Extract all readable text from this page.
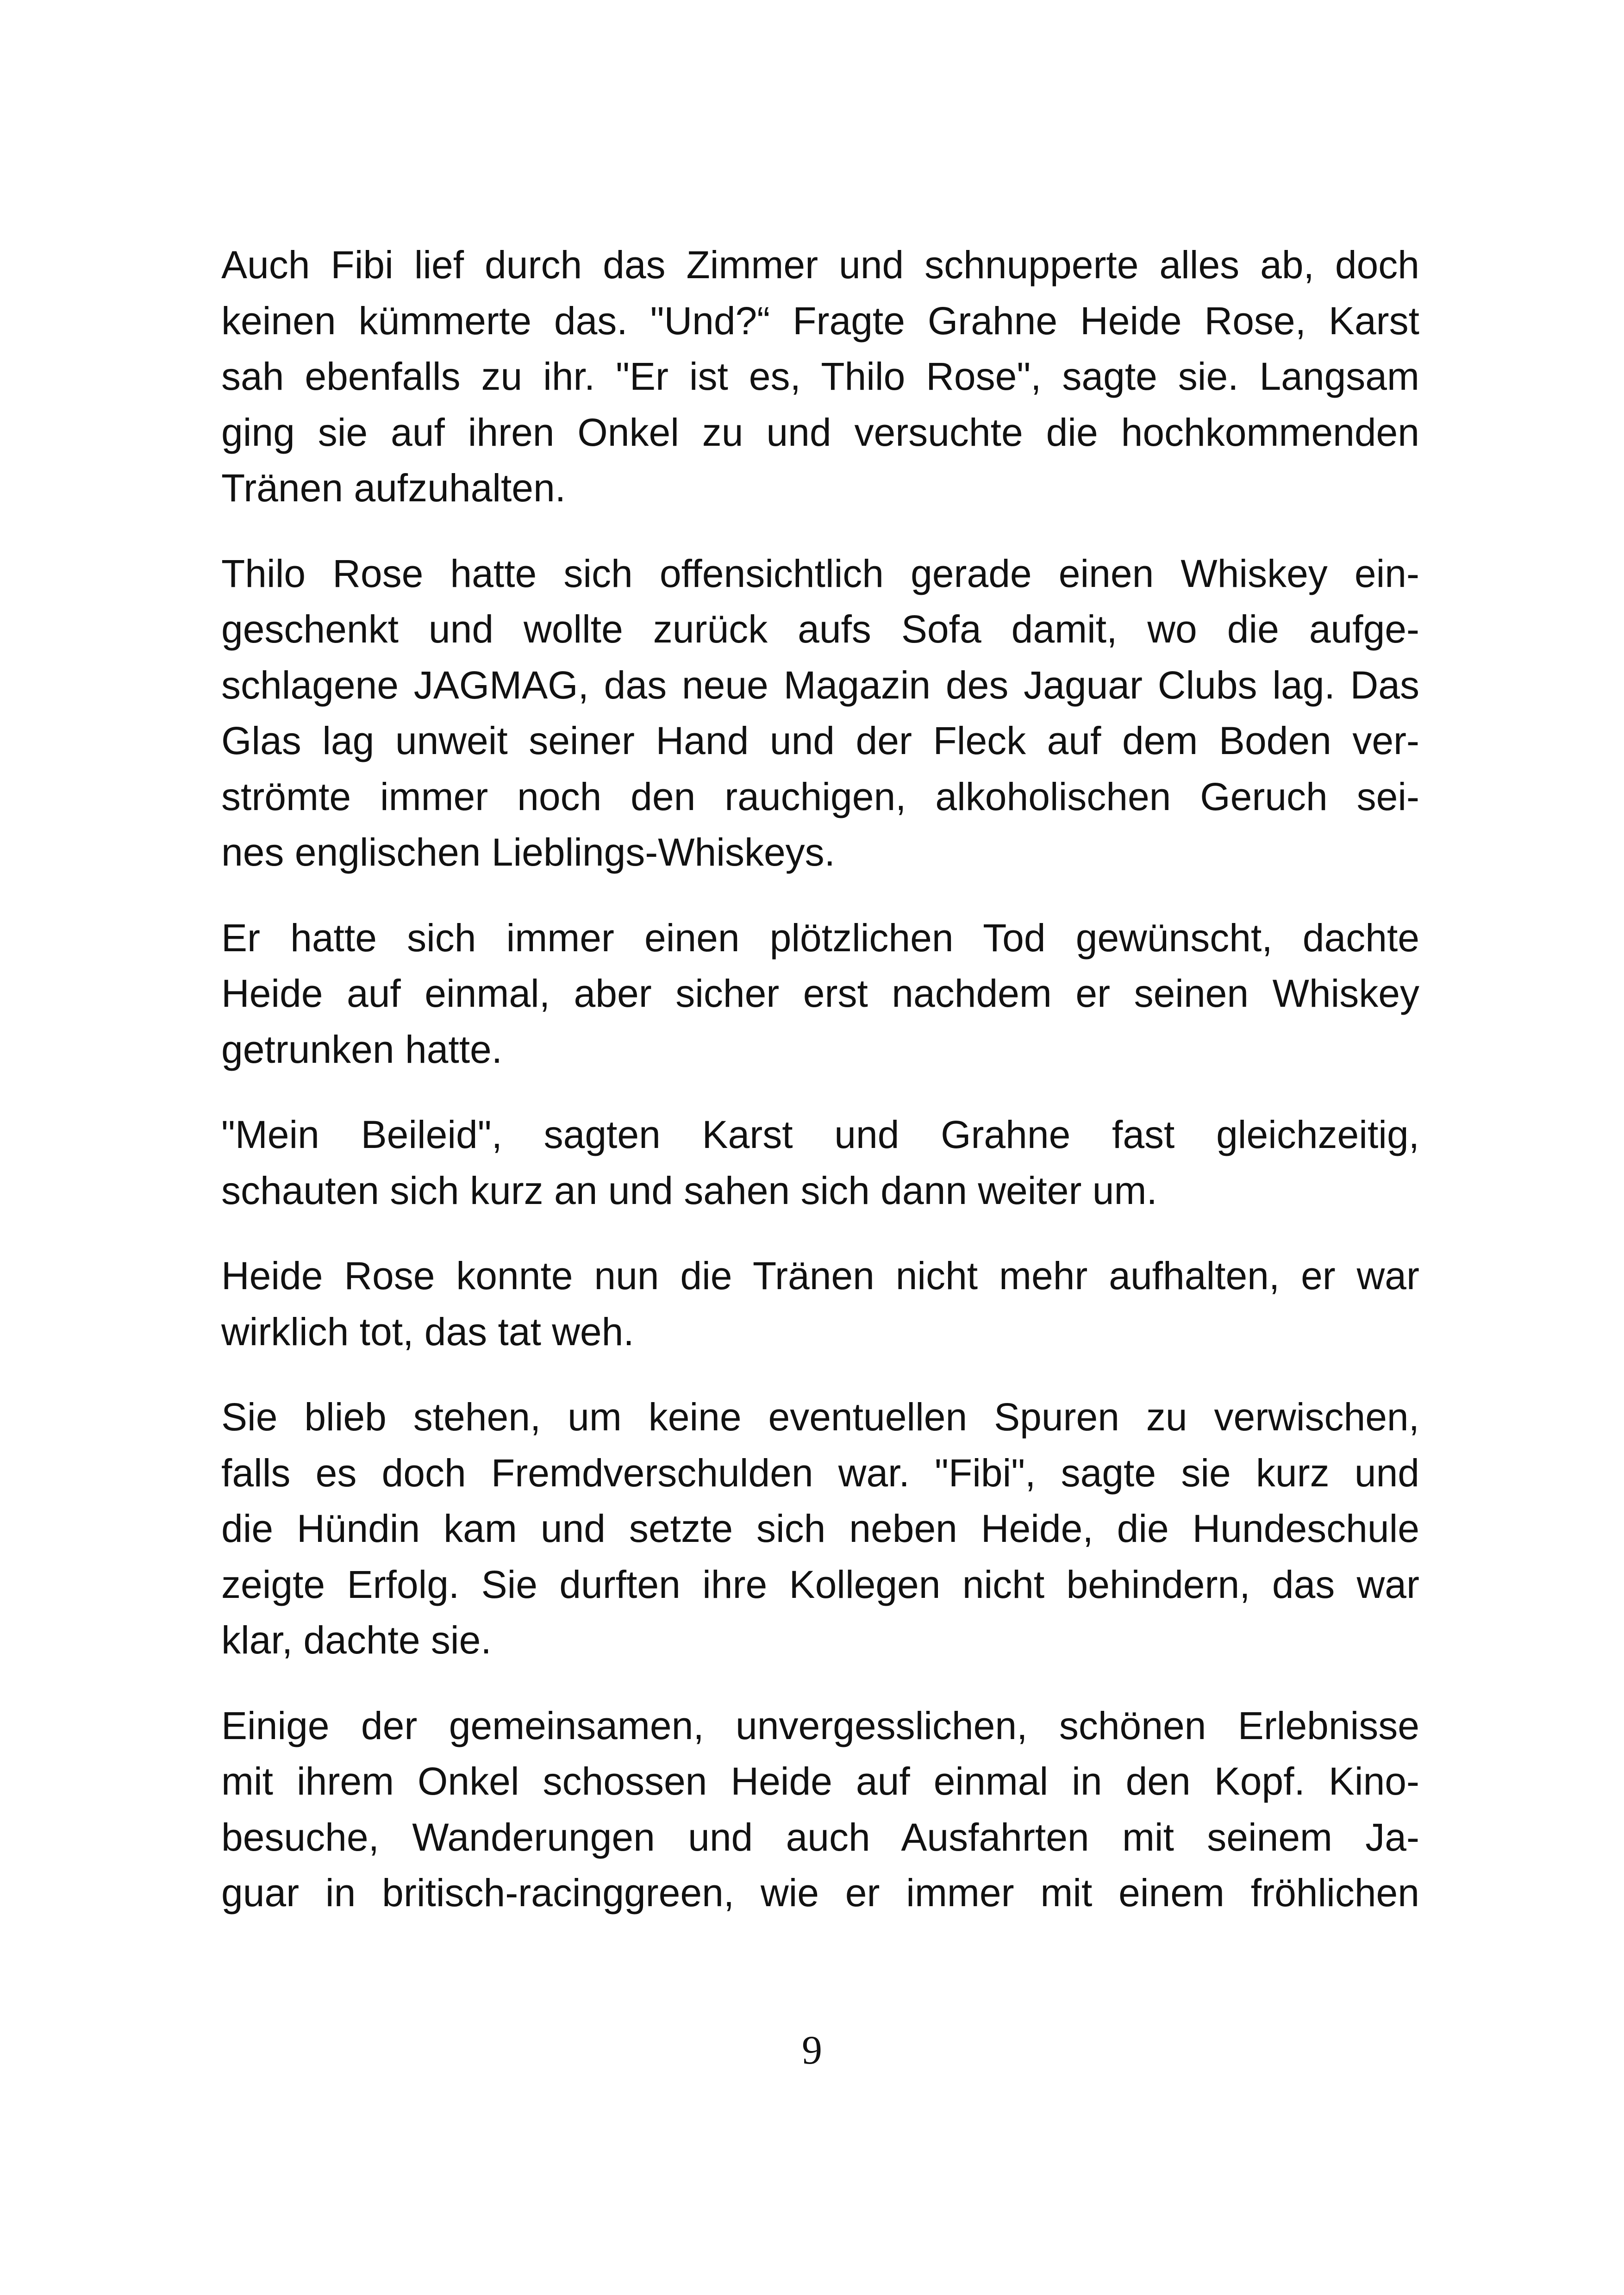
Auch Fibi lief durch das Zimmer und schnupperte alles ab, doch
keinen kümmerte das. "Und?“ Fragte Grahne Heide Rose, Karst
sah ebenfalls zu ihr. "Er ist es, Thilo Rose", sagte sie. Langsam
ging sie auf ihren Onkel zu und versuchte die hochkommenden
Tränen aufzuhalten.

Thilo Rose hatte sich offensichtlich gerade einen Whiskey ein-
geschenkt und wollte zurück aufs Sofa damit, wo die aufge-
schlagene JAGMAG, das neue Magazin des Jaguar Clubs lag. Das
Glas lag unweit seiner Hand und der Fleck auf dem Boden ver-
strömte immer noch den rauchigen, alkoholischen Geruch sei-
nes englischen Lieblings-Whiskeys.

Er hatte sich immer einen plötzlichen Tod gewünscht, dachte
Heide auf einmal, aber sicher erst nachdem er seinen Whiskey
getrunken hatte.

"Mein Beileid", sagten Karst und Grahne fast gleichzeitig,
schauten sich kurz an und sahen sich dann weiter um.

Heide Rose konnte nun die Tränen nicht mehr aufhalten, er war
wirklich tot, das tat weh.

Sie blieb stehen, um keine eventuellen Spuren zu verwischen,
falls es doch Fremdverschulden war. "Fibi", sagte sie kurz und
die Hündin kam und setzte sich neben Heide, die Hundeschule
zeigte Erfolg. Sie durften ihre Kollegen nicht behindern, das war
klar, dachte sie.

Einige der gemeinsamen, unvergesslichen, schönen Erlebnisse
mit ihrem Onkel schossen Heide auf einmal in den Kopf. Kino-
besuche, Wanderungen und auch Ausfahrten mit seinem Ja-
guar in britisch-racinggreen, wie er immer mit einem fröhlichen

9
